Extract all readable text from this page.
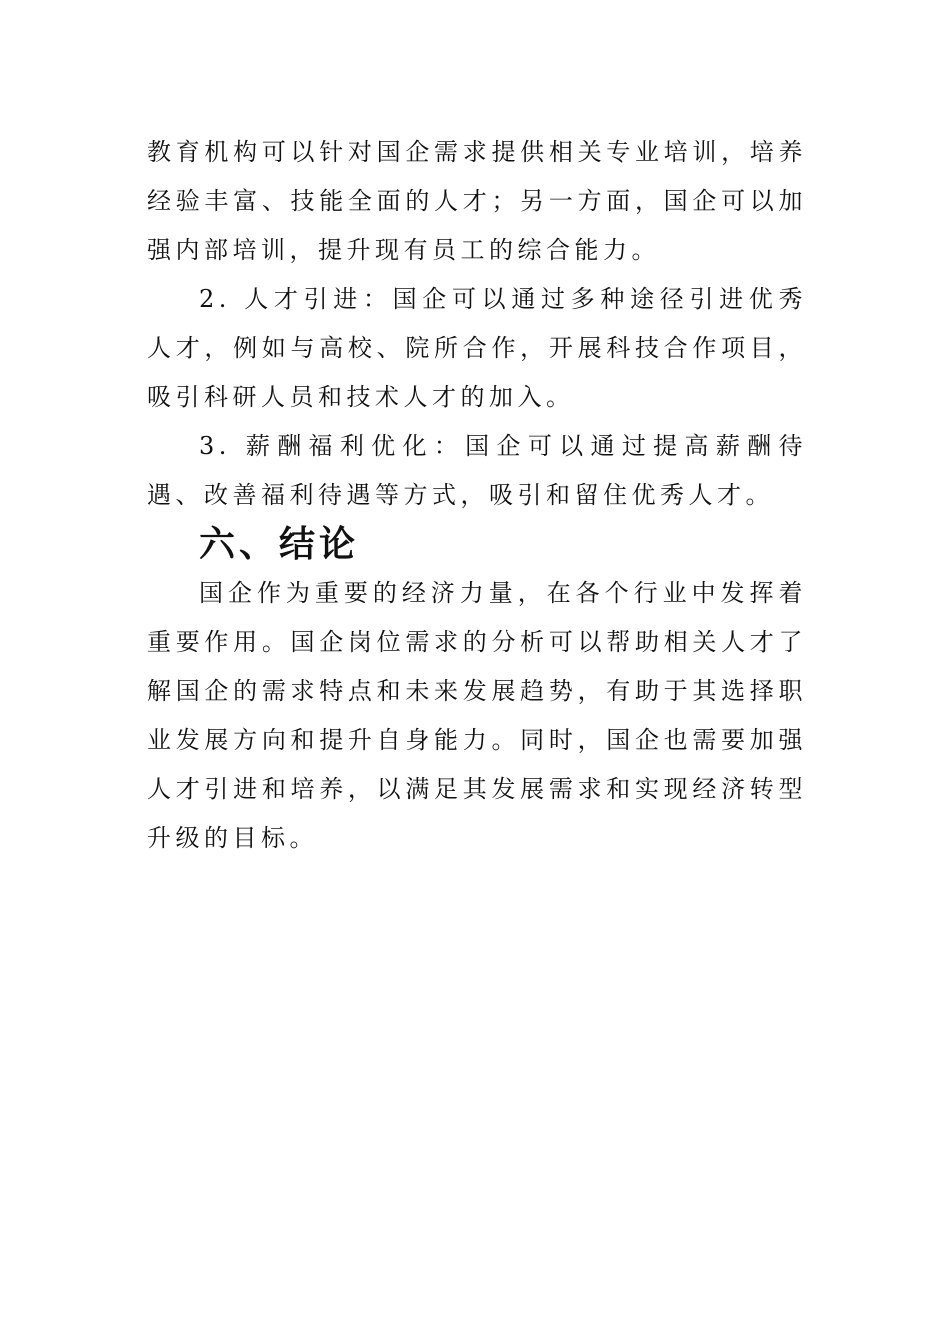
教育机构可以针对国企需求提供相关专业培训，培养经验丰富、技能全面的人才；另一方面，国企可以加强内部培训，提升现有员工的综合能力。

2. 人才引进：国企可以通过多种途径引进优秀人才，例如与高校、院所合作，开展科技合作项目，吸引科研人员和技术人才的加入。

3. 薪酬福利优化：国企可以通过提高薪酬待遇、改善福利待遇等方式，吸引和留住优秀人才。

六、结论

国企作为重要的经济力量，在各个行业中发挥着重要作用。国企岗位需求的分析可以帮助相关人才了解国企的需求特点和未来发展趋势，有助于其选择职业发展方向和提升自身能力。同时，国企也需要加强人才引进和培养，以满足其发展需求和实现经济转型升级的目标。
